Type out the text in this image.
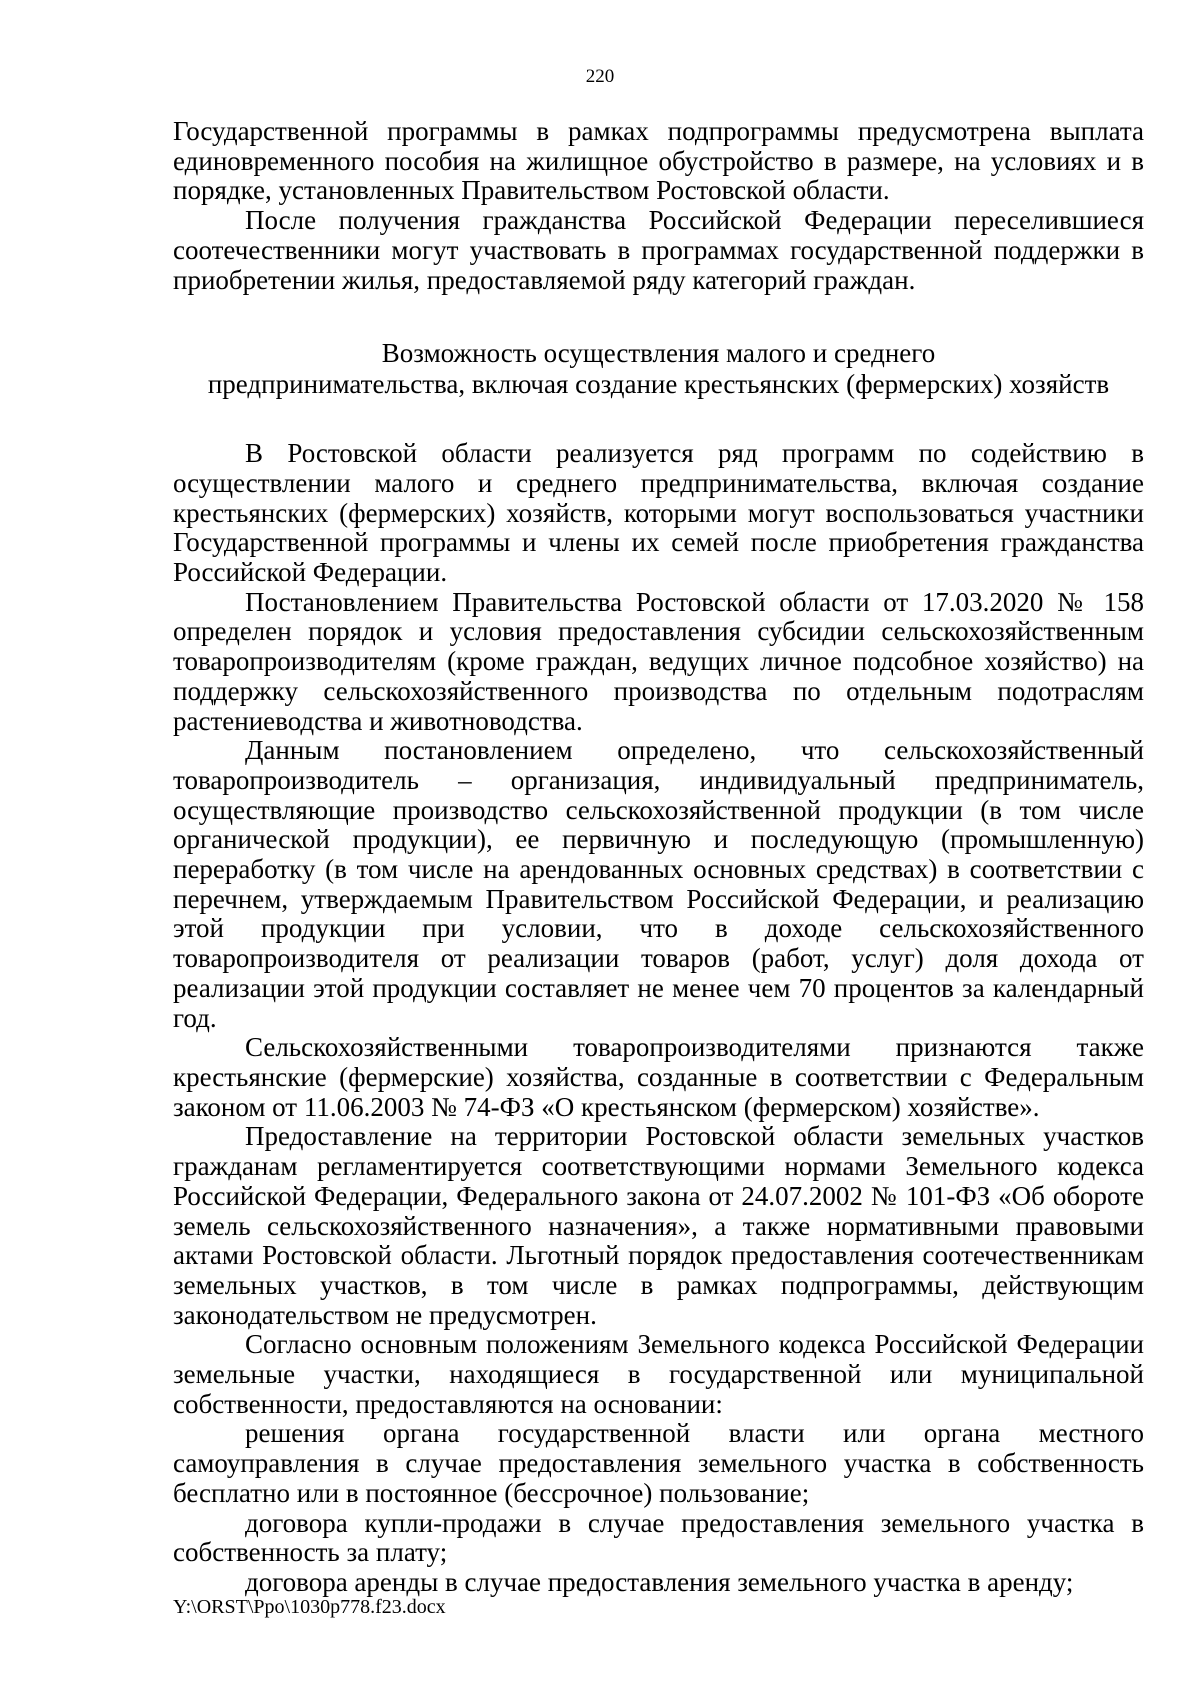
220

Государственной программы в рамках подпрограммы предусмотрена выплата единовременного пособия на жилищное обустройство в размере, на условиях и в порядке, установленных Правительством Ростовской области.

После получения гражданства Российской Федерации переселившиеся соотечественники могут участвовать в программах государственной поддержки в приобретении жилья, предоставляемой ряду категорий граждан.

Возможность осуществления малого и среднего
предпринимательства, включая создание крестьянских (фермерских) хозяйств

В Ростовской области реализуется ряд программ по содействию в осуществлении малого и среднего предпринимательства, включая создание крестьянских (фермерских) хозяйств, которыми могут воспользоваться участники Государственной программы и члены их семей после приобретения гражданства Российской Федерации.

Постановлением Правительства Ростовской области от 17.03.2020 № 158 определен порядок и условия предоставления субсидии сельскохозяйственным товаропроизводителям (кроме граждан, ведущих личное подсобное хозяйство) на поддержку сельскохозяйственного производства по отдельным подотраслям растениеводства и животноводства.

Данным постановлением определено, что сельскохозяйственный товаропроизводитель – организация, индивидуальный предприниматель, осуществляющие производство сельскохозяйственной продукции (в том числе органической продукции), ее первичную и последующую (промышленную) переработку (в том числе на арендованных основных средствах) в соответствии с перечнем, утверждаемым Правительством Российской Федерации, и реализацию этой продукции при условии, что в доходе сельскохозяйственного товаропроизводителя от реализации товаров (работ, услуг) доля дохода от реализации этой продукции составляет не менее чем 70 процентов за календарный год.

Сельскохозяйственными товаропроизводителями признаются также крестьянские (фермерские) хозяйства, созданные в соответствии с Федеральным законом от 11.06.2003 № 74-ФЗ «О крестьянском (фермерском) хозяйстве».

Предоставление на территории Ростовской области земельных участков гражданам регламентируется соответствующими нормами Земельного кодекса Российской Федерации, Федерального закона от 24.07.2002 № 101-ФЗ «Об обороте земель сельскохозяйственного назначения», а также нормативными правовыми актами Ростовской области. Льготный порядок предоставления соотечественникам земельных участков, в том числе в рамках подпрограммы, действующим законодательством не предусмотрен.

Согласно основным положениям Земельного кодекса Российской Федерации земельные участки, находящиеся в государственной или муниципальной собственности, предоставляются на основании:

решения органа государственной власти или органа местного самоуправления в случае предоставления земельного участка в собственность бесплатно или в постоянное (бессрочное) пользование;

договора купли-продажи в случае предоставления земельного участка в собственность за плату;

договора аренды в случае предоставления земельного участка в аренду;

Y:\ORST\Ppo\1030p778.f23.docx
